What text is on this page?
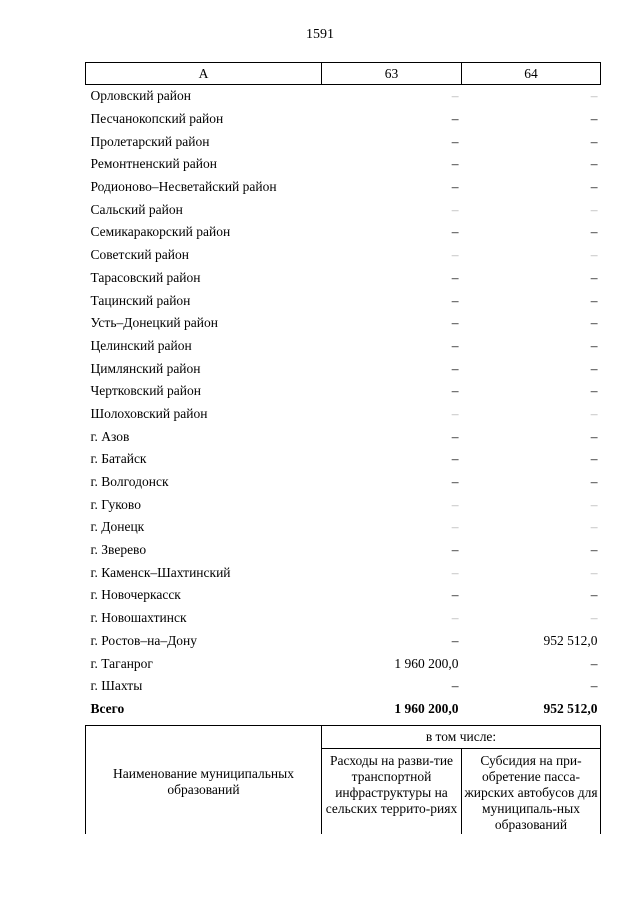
1591
А	63	64
Орловский район	–	–
Песчанокопский район	–	–
Пролетарский район	–	–
Ремонтненский район	–	–
Родионово–Несветайский район	–	–
Сальский район	–	–
Семикаракорский район	–	–
Советский район	–	–
Тарасовский район	–	–
Тацинский район	–	–
Усть–Донецкий район	–	–
Целинский район	–	–
Цимлянский район	–	–
Чертковский район	–	–
Шолоховский район	–	–
г. Азов	–	–
г. Батайск	–	–
г. Волгодонск	–	–
г. Гуково	–	–
г. Донецк	–	–
г. Зверево	–	–
г. Каменск–Шахтинский	–	–
г. Новочеркасск	–	–
г. Новошахтинск	–	–
г. Ростов–на–Дону	–	952 512,0
г. Таганрог	1 960 200,0	–
г. Шахты	–	–
Всего	1 960 200,0	952 512,0
Наименование муниципальных образований	в том числе:	
	Расходы на разви-тие транспортной инфраструктуры на сельских террито-риях	Субсидия на при-обретение пасса-жирских автобусов для муниципаль-ных образований
